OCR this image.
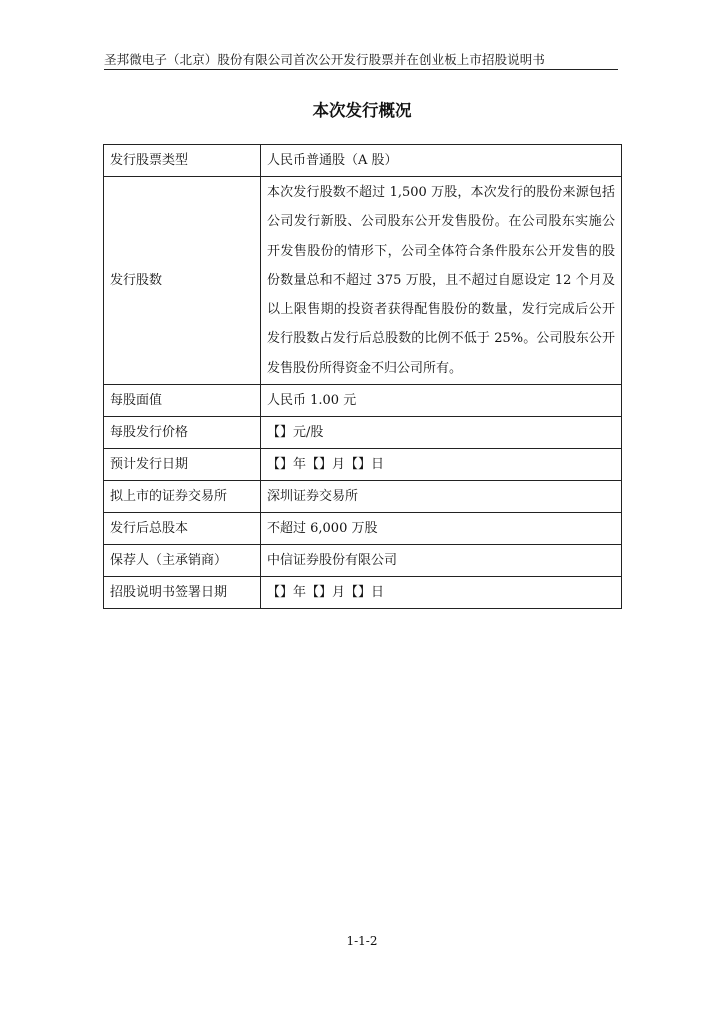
圣邦微电子（北京）股份有限公司首次公开发行股票并在创业板上市招股说明书
本次发行概况
发行股票类型	人民币普通股（A 股）
发行股数	本次发行股数不超过 1,500 万股，本次发行的股份来源包括公司发行新股、公司股东公开发售股份。在公司股东实施公开发售股份的情形下，公司全体符合条件股东公开发售的股份数量总和不超过 375 万股，且不超过自愿设定 12 个月及以上限售期的投资者获得配售股份的数量，发行完成后公开发行股数占发行后总股数的比例不低于 25%。公司股东公开发售股份所得资金不归公司所有。
每股面值	人民币 1.00 元
每股发行价格	【】元/股
预计发行日期	【】年【】月【】日
拟上市的证券交易所	深圳证券交易所
发行后总股本	不超过 6,000 万股
保荐人（主承销商）	中信证券股份有限公司
招股说明书签署日期	【】年【】月【】日
1-1-2
